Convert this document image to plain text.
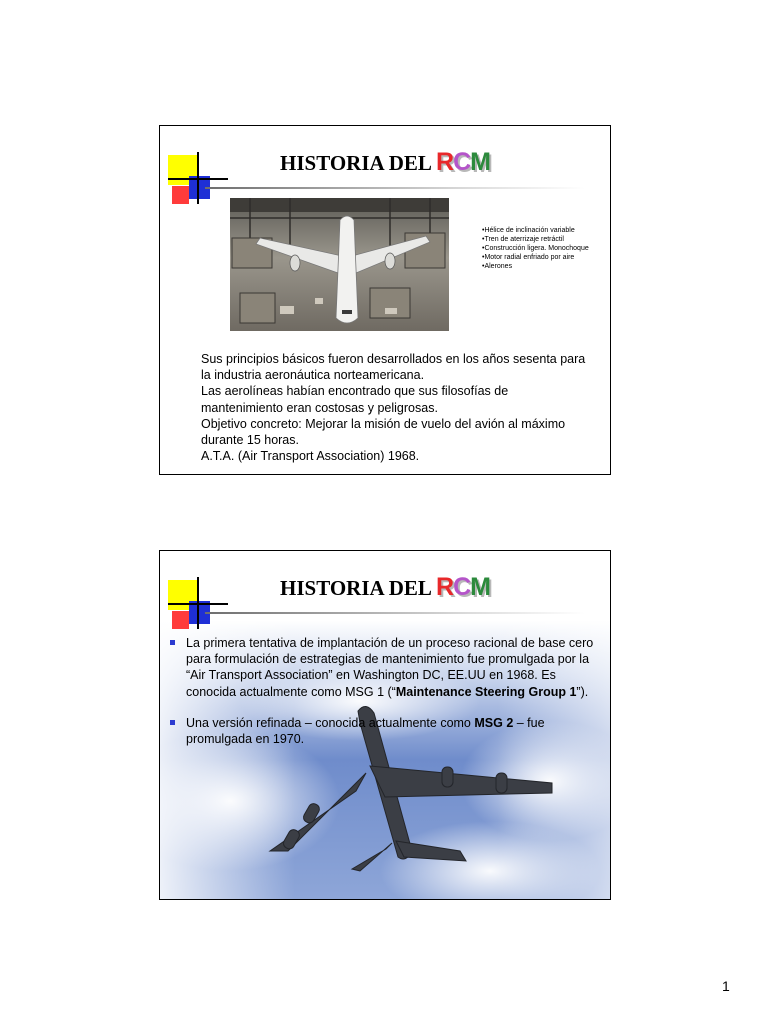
HISTORIA DEL RCM
•Hélice de inclinación variable
•Tren de aterrizaje retráctil
•Construcción ligera. Monochoque
•Motor radial enfriado por aire
•Alerones
Sus principios básicos fueron desarrollados en los años sesenta para
la industria aeronáutica norteamericana.
Las aerolíneas habían encontrado que sus filosofías de
mantenimiento eran costosas y peligrosas.
Objetivo concreto: Mejorar la misión de vuelo del avión al máximo
durante 15 horas.
A.T.A. (Air Transport Association) 1968.
HISTORIA DEL RCM
La primera tentativa de implantación de un proceso racional de base cero
para formulación de estrategias de mantenimiento fue promulgada por la
“Air Transport Association” en Washington DC, EE.UU en 1968. Es
conocida actualmente como MSG 1 (“Maintenance Steering Group 1”).
Una versión refinada – conocida actualmente como MSG 2 – fue
promulgada en 1970.
1
